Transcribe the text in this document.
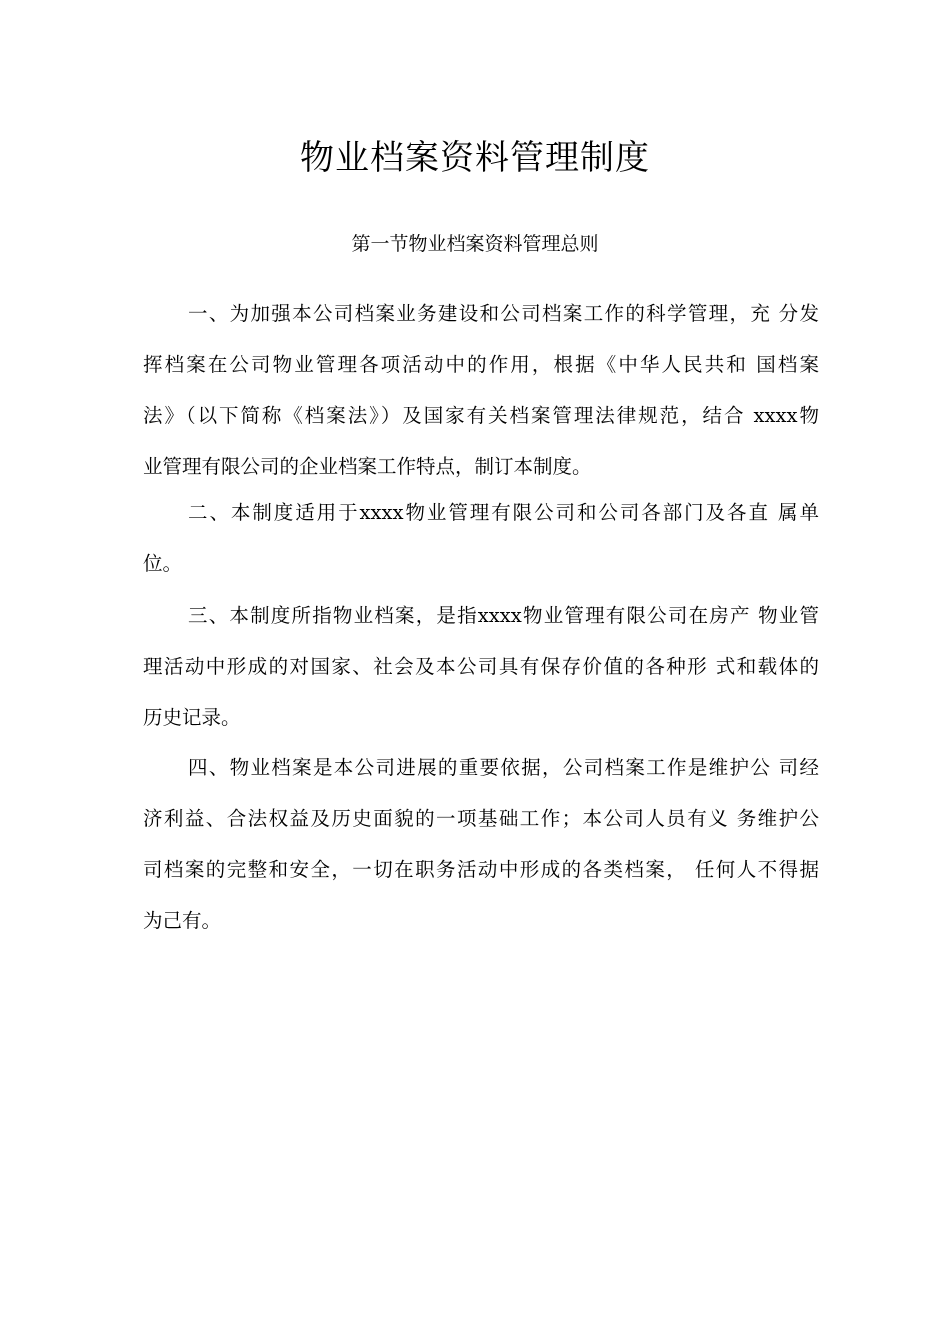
物业档案资料管理制度
第一节物业档案资料管理总则
一、为加强本公司档案业务建设和公司档案工作的科学管理，充 分发
挥档案在公司物业管理各项活动中的作用，根据《中华人民共和 国档案
法》（以下简称《档案法》）及国家有关档案管理法律规范，结合 xxxx物
业管理有限公司的企业档案工作特点，制订本制度。
二、本制度适用于xxxx物业管理有限公司和公司各部门及各直 属单
位。
三、本制度所指物业档案，是指xxxx物业管理有限公司在房产 物业管
理活动中形成的对国家、社会及本公司具有保存价值的各种形 式和载体的
历史记录。
四、物业档案是本公司进展的重要依据，公司档案工作是维护公 司经
济利益、合法权益及历史面貌的一项基础工作；本公司人员有义 务维护公
司档案的完整和安全，一切在职务活动中形成的各类档案， 任何人不得据
为己有。
